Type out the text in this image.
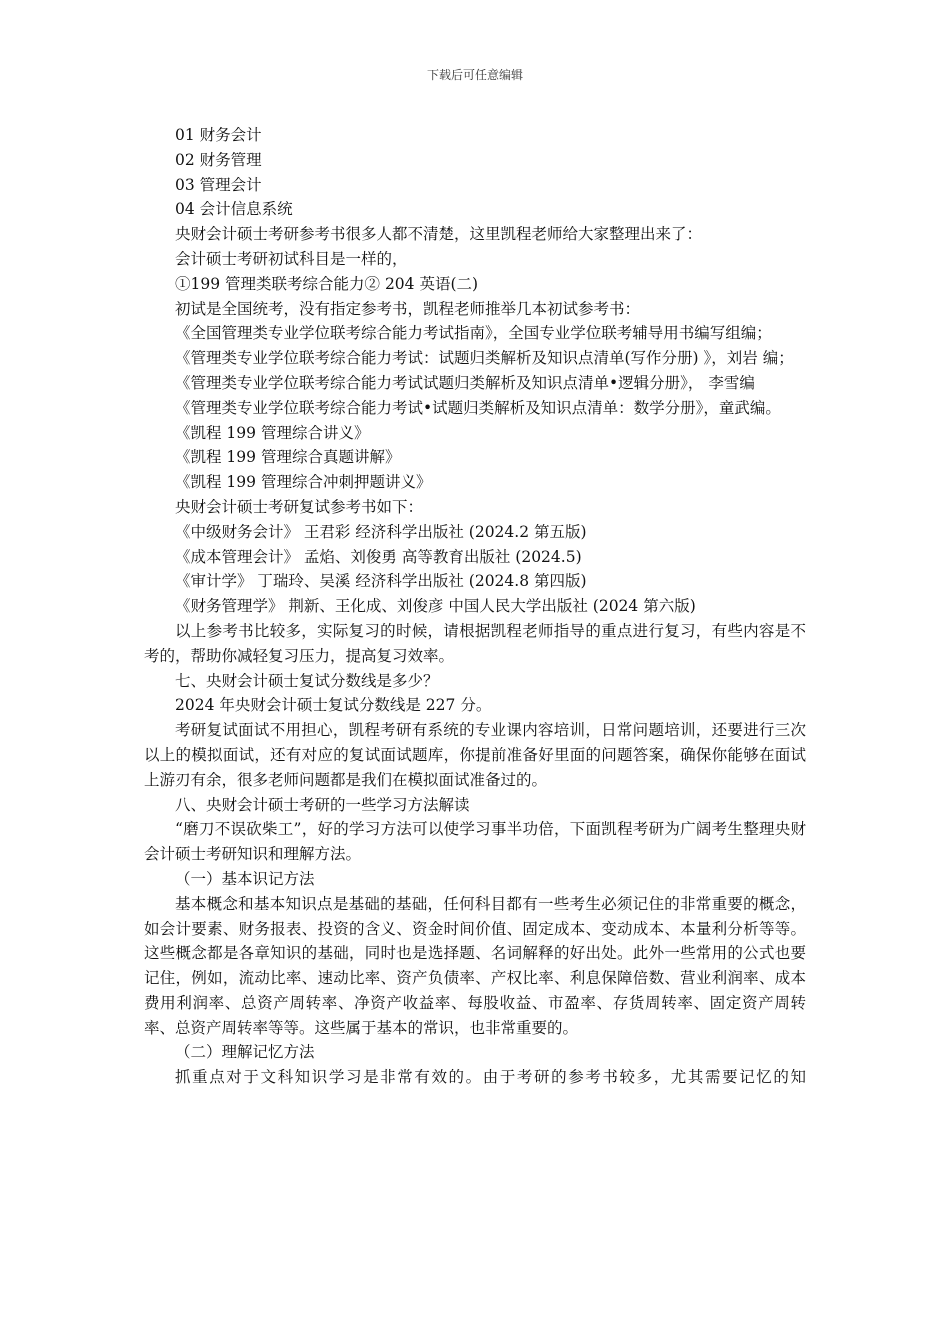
下载后可任意编辑

01 财务会计

02 财务管理

03 管理会计

04 会计信息系统

央财会计硕士考研参考书很多人都不清楚，这里凯程老师给大家整理出来了：

会计硕士考研初试科目是一样的，

①199 管理类联考综合能力② 204 英语(二)

初试是全国统考，没有指定参考书，凯程老师推举几本初试参考书：

《全国管理类专业学位联考综合能力考试指南》，全国专业学位联考辅导用书编写组编；

《管理类专业学位联考综合能力考试：试题归类解析及知识点清单(写作分册) 》，刘岩 编；

《管理类专业学位联考综合能力考试试题归类解析及知识点清单•逻辑分册》， 李雪编

《管理类专业学位联考综合能力考试•试题归类解析及知识点清单：数学分册》，童武编。

《凯程 199 管理综合讲义》

《凯程 199 管理综合真题讲解》

《凯程 199 管理综合冲刺押题讲义》

央财会计硕士考研复试参考书如下：

《中级财务会计》 王君彩 经济科学出版社 (2024.2 第五版)

《成本管理会计》 孟焰、刘俊勇 高等教育出版社 (2024.5)

《审计学》 丁瑞玲、吴溪 经济科学出版社 (2024.8 第四版)

《财务管理学》 荆新、王化成、刘俊彦 中国人民大学出版社 (2024 第六版)

以上参考书比较多，实际复习的时候，请根据凯程老师指导的重点进行复习，有些内容是不考的，帮助你减轻复习压力，提高复习效率。

七、央财会计硕士复试分数线是多少？

2024 年央财会计硕士复试分数线是 227 分。

考研复试面试不用担心，凯程考研有系统的专业课内容培训，日常问题培训，还要进行三次以上的模拟面试，还有对应的复试面试题库，你提前准备好里面的问题答案，确保你能够在面试上游刃有余，很多老师问题都是我们在模拟面试准备过的。

八、央财会计硕士考研的一些学习方法解读

“磨刀不误砍柴工”，好的学习方法可以使学习事半功倍，下面凯程考研为广阔考生整理央财会计硕士考研知识和理解方法。

（一）基本识记方法

基本概念和基本知识点是基础的基础，任何科目都有一些考生必须记住的非常重要的概念，如会计要素、财务报表、投资的含义、资金时间价值、固定成本、变动成本、本量利分析等等。这些概念都是各章知识的基础，同时也是选择题、名词解释的好出处。此外一些常用的公式也要记住，例如，流动比率、速动比率、资产负债率、产权比率、利息保障倍数、营业利润率、成本费用利润率、总资产周转率、净资产收益率、每股收益、市盈率、存货周转率、固定资产周转率、总资产周转率等等。这些属于基本的常识，也非常重要的。

（二）理解记忆方法

抓重点对于文科知识学习是非常有效的。由于考研的参考书较多，尤其需要记忆的知
